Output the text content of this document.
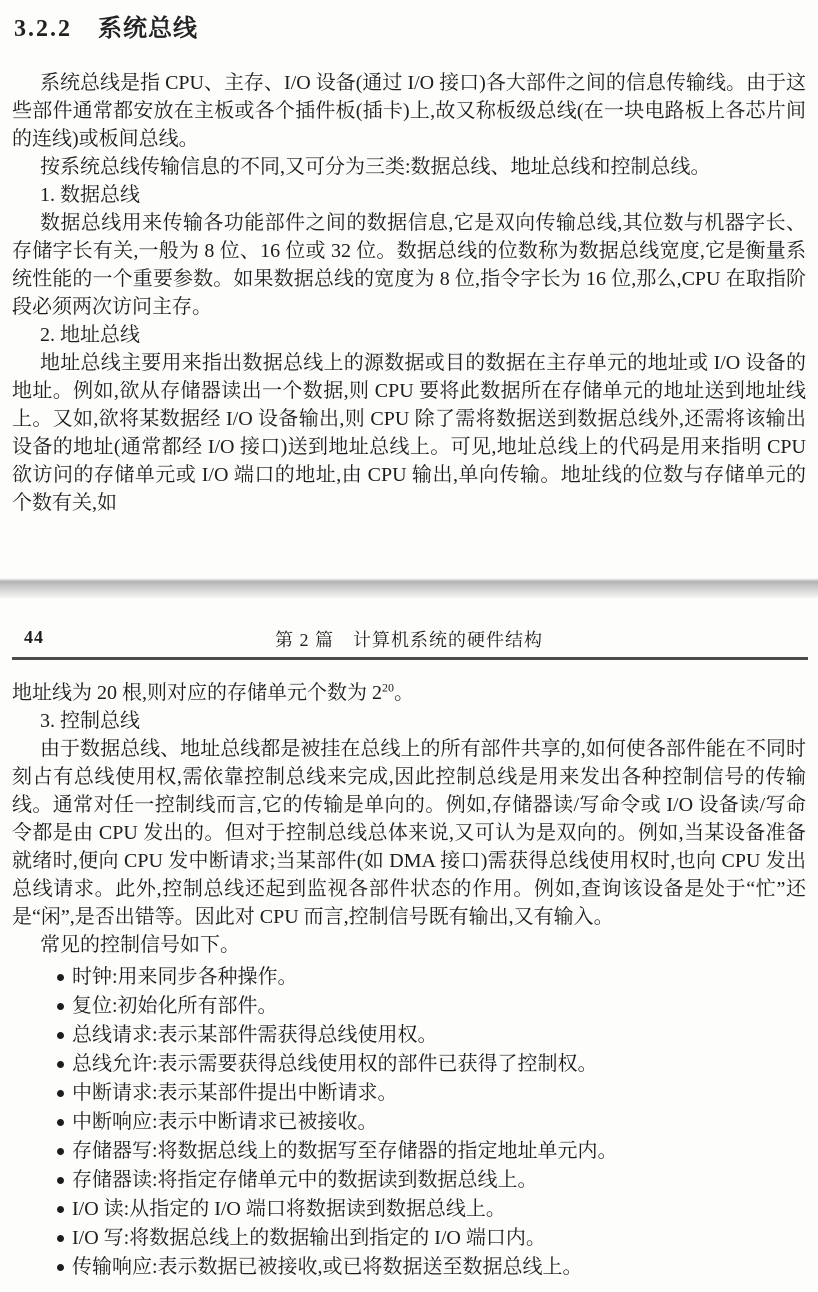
3.2.2 系统总线

系统总线是指 CPU、主存、I/O 设备(通过 I/O 接口)各大部件之间的信息传输线。由于这些部件通常都安放在主板或各个插件板(插卡)上,故又称板级总线(在一块电路板上各芯片间的连线)或板间总线。

按系统总线传输信息的不同,又可分为三类:数据总线、地址总线和控制总线。

1. 数据总线

数据总线用来传输各功能部件之间的数据信息,它是双向传输总线,其位数与机器字长、存储字长有关,一般为 8 位、16 位或 32 位。数据总线的位数称为数据总线宽度,它是衡量系统性能的一个重要参数。如果数据总线的宽度为 8 位,指令字长为 16 位,那么,CPU 在取指阶段必须两次访问主存。

2. 地址总线

地址总线主要用来指出数据总线上的源数据或目的数据在主存单元的地址或 I/O 设备的地址。例如,欲从存储器读出一个数据,则 CPU 要将此数据所在存储单元的地址送到地址线上。又如,欲将某数据经 I/O 设备输出,则 CPU 除了需将数据送到数据总线外,还需将该输出设备的地址(通常都经 I/O 接口)送到地址总线上。可见,地址总线上的代码是用来指明 CPU 欲访问的存储单元或 I/O 端口的地址,由 CPU 输出,单向传输。地址线的位数与存储单元的个数有关,如

44	第 2 篇　计算机系统的硬件结构

地址线为 20 根,则对应的存储单元个数为 $2^{20}$。

3. 控制总线

由于数据总线、地址总线都是被挂在总线上的所有部件共享的,如何使各部件能在不同时刻占有总线使用权,需依靠控制总线来完成,因此控制总线是用来发出各种控制信号的传输线。通常对任一控制线而言,它的传输是单向的。例如,存储器读/写命令或 I/O 设备读/写命令都是由 CPU 发出的。但对于控制总线总体来说,又可认为是双向的。例如,当某设备准备就绪时,便向 CPU 发中断请求;当某部件(如 DMA 接口)需获得总线使用权时,也向 CPU 发出总线请求。此外,控制总线还起到监视各部件状态的作用。例如,查询该设备是处于“忙”还是“闲”,是否出错等。因此对 CPU 而言,控制信号既有输出,又有输入。

常见的控制信号如下。

时钟:用来同步各种操作。
复位:初始化所有部件。
总线请求:表示某部件需获得总线使用权。
总线允许:表示需要获得总线使用权的部件已获得了控制权。
中断请求:表示某部件提出中断请求。
中断响应:表示中断请求已被接收。
存储器写:将数据总线上的数据写至存储器的指定地址单元内。
存储器读:将指定存储单元中的数据读到数据总线上。
I/O 读:从指定的 I/O 端口将数据读到数据总线上。
I/O 写:将数据总线上的数据输出到指定的 I/O 端口内。
传输响应:表示数据已被接收,或已将数据送至数据总线上。
